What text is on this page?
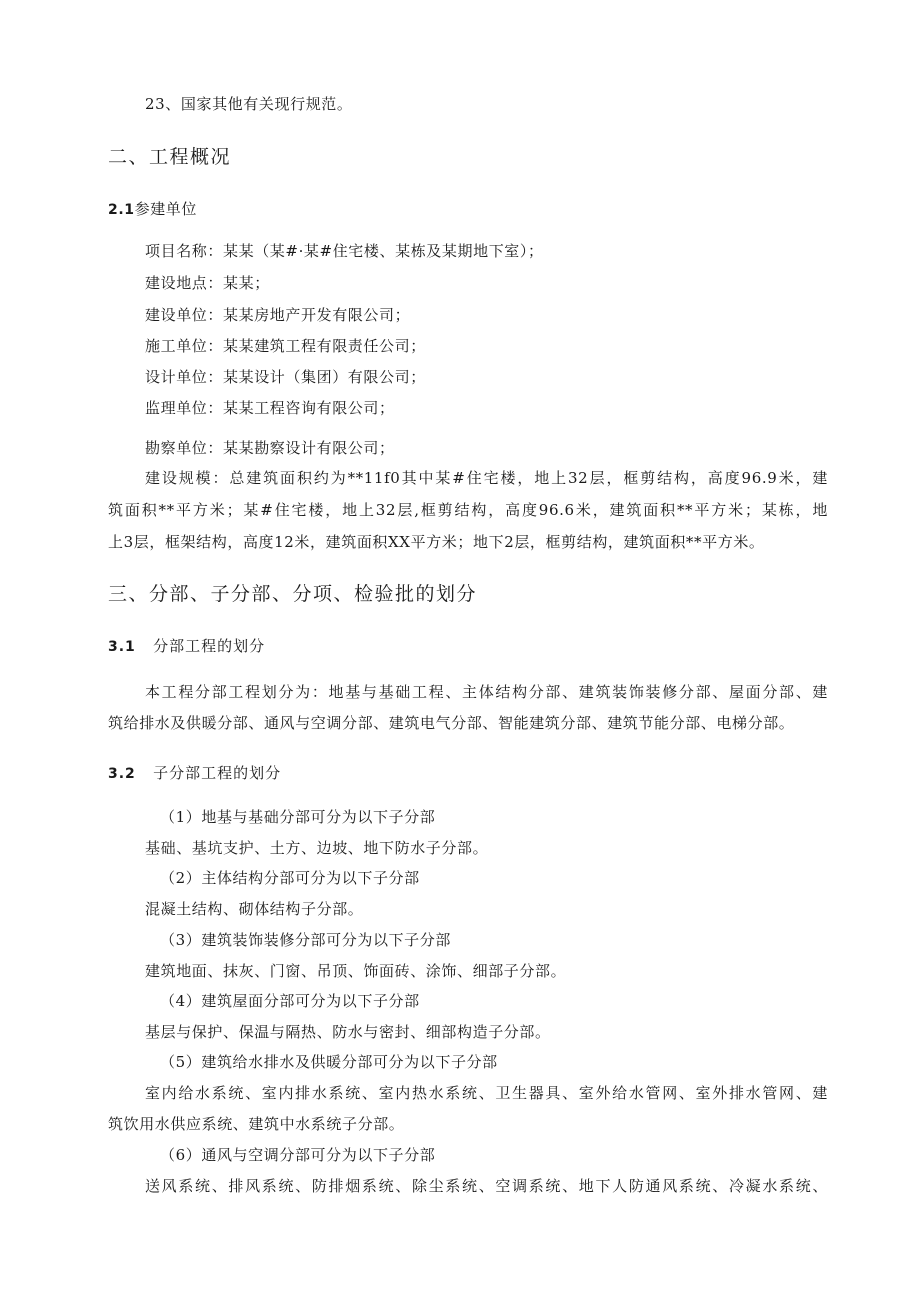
23、国家其他有关现行规范。
二、工程概况
2.1参建单位
项目名称：某某（某#·某#住宅楼、某栋及某期地下室）；
建设地点：某某；
建设单位：某某房地产开发有限公司；
施工单位：某某建筑工程有限责任公司；
设计单位：某某设计（集团）有限公司；
监理单位：某某工程咨询有限公司；
勘察单位：某某勘察设计有限公司；
建设规模：总建筑面积约为**11f0其中某#住宅楼，地上32层，框剪结构，高度96.9米，建
筑面积**平方米；某#住宅楼，地上32层,框剪结构，高度96.6米，建筑面积**平方米；某栋，地
上3层，框架结构，高度12米，建筑面积XX平方米；地下2层，框剪结构，建筑面积**平方米。
三、分部、子分部、分项、检验批的划分
3.1 分部工程的划分
本工程分部工程划分为：地基与基础工程、主体结构分部、建筑装饰装修分部、屋面分部、建
筑给排水及供暖分部、通风与空调分部、建筑电气分部、智能建筑分部、建筑节能分部、电梯分部。
3.2 子分部工程的划分
（1）地基与基础分部可分为以下子分部
基础、基坑支护、土方、边坡、地下防水子分部。
（2）主体结构分部可分为以下子分部
混凝土结构、砌体结构子分部。
（3）建筑装饰装修分部可分为以下子分部
建筑地面、抹灰、门窗、吊顶、饰面砖、涂饰、细部子分部。
（4）建筑屋面分部可分为以下子分部
基层与保护、保温与隔热、防水与密封、细部构造子分部。
（5）建筑给水排水及供暖分部可分为以下子分部
室内给水系统、室内排水系统、室内热水系统、卫生器具、室外给水管网、室外排水管网、建
筑饮用水供应系统、建筑中水系统子分部。
（6）通风与空调分部可分为以下子分部
送风系统、排风系统、防排烟系统、除尘系统、空调系统、地下人防通风系统、冷凝水系统、
